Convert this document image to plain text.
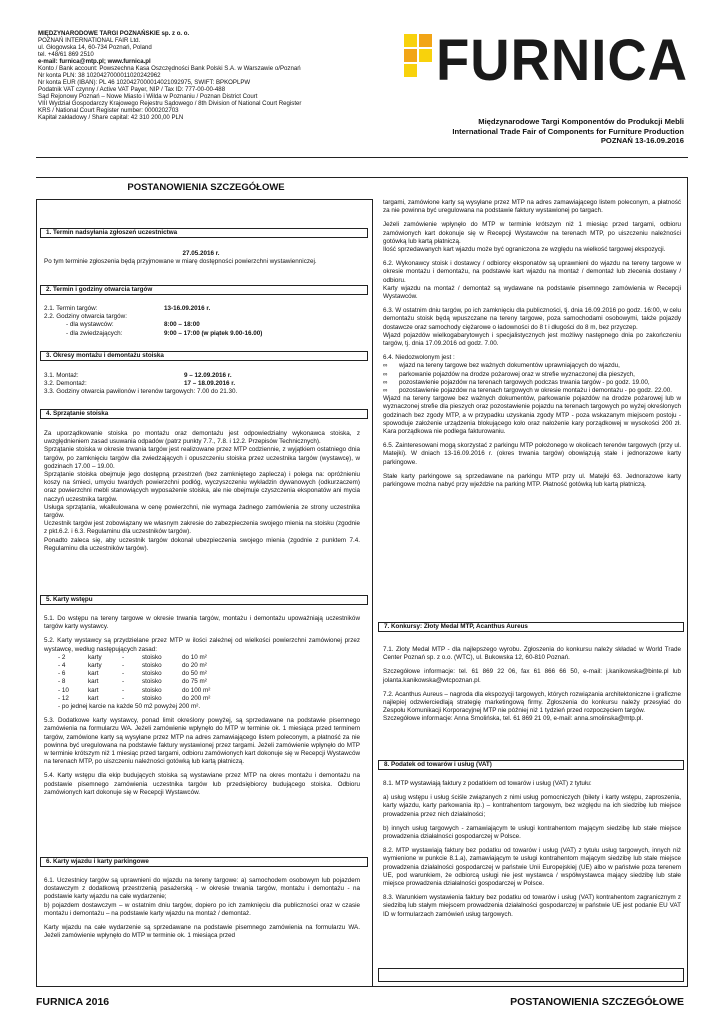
MIĘDZYNARODOWE TARGI POZNAŃSKIE sp. z o. o.
POZNAŃ INTERNATIONAL FAIR Ltd.
ul. Głogowska 14, 60-734 Poznań, Poland
tel. +48/61 869 2510
e-mail: furnica@mtp.pl; www.furnica.pl
Konto / Bank account: Powszechna Kasa Oszczędności Bank Polski S.A. w Warszawie o/Poznań
Nr konta PLN: 38 1020427000011020242962
Nr konta EUR (IBAN): PL 46 1020427000014021092975, SWIFT: BPKOPLPW
Podatnik VAT czynny / Active VAT Payer, NIP / Tax ID: 777-00-00-488
Sąd Rejonowy Poznań – Nowe Miasto i Wilda w Poznaniu / Poznan District Court
VIII Wydział Gospodarczy Krajowego Rejestru Sądowego / 8th Division of National Court Register
KRS / National Court Register number: 0000202703
Kapitał zakładowy / Share capital: 42 310 200,00 PLN
FURNICA
Międzynarodowe Targi Komponentów do Produkcji Mebli
International Trade Fair of Components for Furniture Production
POZNAŃ 13-16.09.2016
POSTANOWIENIA SZCZEGÓŁOWE
1. Termin nadsyłania zgłoszeń uczestnictwa
27.05.2016 r.

Po tym terminie zgłoszenia będą przyjmowane w miarę dostępności powierzchni wystawienniczej.

2. Termin i godziny otwarcia targów
2.1. Termin targów:	13-16.09.2016 r.
2.2. Godziny otwarcia targów:
- dla wystawców:	8:00 – 18:00
- dla zwiedzających:	9:00 – 17:00 (w piątek 9.00-16.00)
3. Okresy montażu i demontażu stoiska
3.1. Montaż:	9 – 12.09.2016 r.
3.2. Demontaż:	17 – 18.09.2016 r.
3.3. Godziny otwarcia pawilonów i terenów targowych: 7.00 do 21.30.
4. Sprzątanie stoiska

Za uporządkowanie stoiska po montażu oraz demontażu jest odpowiedzialny wykonawca stoiska, z uwzględnieniem zasad usuwania odpadów (patrz punkty 7.7., 7.8. i 12.2. Przepisów Technicznych).

Sprzątanie stoiska w okresie trwania targów jest realizowane przez MTP codziennie, z wyjątkiem ostatniego dnia targów, po zamknięciu targów dla zwiedzających i opuszczeniu stoiska przez uczestnika targów (wystawcę), w godzinach 17.00 – 19.00.

Sprzątanie stoiska obejmuje jego dostępną przestrzeń (bez zamkniętego zaplecza) i polega na: opróżnieniu koszy na śmieci, umyciu twardych powierzchni podłóg, wyczyszczeniu wykładzin dywanowych (odkurzaczem) oraz powierzchni mebli stanowiących wyposażenie stoiska, ale nie obejmuje czyszczenia eksponatów ani mycia naczyń uczestnika targów.

Usługa sprzątania, wkalkulowana w cenę powierzchni, nie wymaga żadnego zamówienia ze strony uczestnika targów.

Uczestnik targów jest zobowiązany we własnym zakresie do zabezpieczenia swojego mienia na stoisku (zgodnie z pkt.6.2. i 6.3. Regulaminu dla uczestników targów).

Ponadto zaleca się, aby uczestnik targów dokonał ubezpieczenia swojego mienia (zgodnie z punktem 7.4. Regulaminu dla uczestników targów).

5. Karty wstępu

5.1. Do wstępu na tereny targowe w okresie trwania targów, montażu i demontażu upoważniają uczestników targów karty wystawcy.

5.2. Karty wystawcy są przydzielane przez MTP w ilości zależnej od wielkości powierzchni zamówionej przez wystawcę, według następujących zasad:

- 2	karty	-	stoisko	do 10 m²
- 4	karty	-	stoisko	do 20 m²
- 6	kart	-	stoisko	do 50 m²
- 8	kart	-	stoisko	do 75 m²
- 10	kart	-	stoisko	do 100 m²
- 12	kart	-	stoisko	do 200 m²
- po jednej karcie na każde 50 m2 powyżej 200 m².

5.3. Dodatkowe karty wystawcy, ponad limit określony powyżej, są sprzedawane na podstawie pisemnego zamówienia na formularzu WA. Jeżeli zamówienie wpłynęło do MTP w terminie ok. 1 miesiąca przed terminem targów, zamówione karty są wysyłane przez MTP na adres zamawiającego listem poleconym, a płatność za nie powinna być uregulowana na podstawie faktury wystawionej przez targami. Jeżeli zamówienie wpłynęło do MTP w terminie krótszym niż 1 miesiąc przed targami, odbioru zamówionych kart dokonuje się w Recepcji Wystawców na terenach MTP, po uiszczeniu należności gotówką lub kartą płatniczą.

5.4. Karty wstępu dla ekip budujących stoiska są wystawiane przez MTP na okres montażu i demontażu na podstawie pisemnego zamówienia uczestnika targów lub przedsiębiorcy budującego stoiska. Odbioru zamówionych kart dokonuje się w Recepcji Wystawców.

6. Karty wjazdu i karty parkingowe

6.1. Uczestnicy targów są uprawnieni do wjazdu na tereny targowe: a) samochodem osobowym lub pojazdem dostawczym z dodatkową przestrzenią pasażerską - w okresie trwania targów, montażu i demontażu - na podstawie karty wjazdu na całe wydarzenie;

b) pojazdem dostawczym – w ostatnim dniu targów, dopiero po ich zamknięciu dla publiczności oraz w czasie montażu i demontażu – na podstawie karty wjazdu na montaż / demontaż.

Karty wjazdu na całe wydarzenie są sprzedawane na podstawie pisemnego zamówienia na formularzu WA. Jeżeli zamówienie wpłynęło do MTP w terminie ok. 1 miesiąca przed

targami, zamówione karty są wysyłane przez MTP na adres zamawiającego listem poleconym, a płatność za nie powinna być uregulowana na podstawie faktury wystawionej po targach.

Jeżeli zamówienie wpłynęło do MTP w terminie krótszym niż 1 miesiąc przed targami, odbioru zamówionych kart dokonuje się w Recepcji Wystawców na terenach MTP, po uiszczeniu należności gotówką lub kartą płatniczą.

Ilość sprzedawanych kart wjazdu może być ograniczona ze względu na wielkość targowej ekspozycji.

6.2. Wykonawcy stoisk i dostawcy / odbiorcy eksponatów są uprawnieni do wjazdu na tereny targowe w okresie montażu i demontażu, na podstawie kart wjazdu na montaż / demontaż lub zlecenia dostawy / odbioru.

Karty wjazdu na montaż / demontaż są wydawane na podstawie pisemnego zamówienia w Recepcji Wystawców.

6.3. W ostatnim dniu targów, po ich zamknięciu dla publiczności, tj. dnia 16.09.2016 po godz. 16:00, w celu demontażu stoisk będą wpuszczane na tereny targowe, poza samochodami osobowymi, także pojazdy dostawcze oraz samochody ciężarowe o ładowności do 8 t i długości do 8 m, bez przyczep.

Wjazd pojazdów wielkogabarytowych i specjalistycznych jest możliwy następnego dnia po zakończeniu targów, tj. dnia 17.09.2016 od godz. 7.00.

6.4. Niedozwolonym jest :
∞	wjazd na tereny targowe bez ważnych dokumentów uprawniających do wjazdu,
∞	parkowanie pojazdów na drodze pożarowej oraz w strefie wyznaczonej dla pieszych,
∞	pozostawienie pojazdów na terenach targowych podczas trwania targów - po godz. 19.00,
∞	pozostawienie pojazdów na terenach targowych w okresie montażu i demontażu - po godz. 22.00.

Wjazd na tereny targowe bez ważnych dokumentów, parkowanie pojazdów na drodze pożarowej lub w wyznaczonej strefie dla pieszych oraz pozostawienie pojazdu na terenach targowych po wyżej określonych godzinach bez zgody MTP, a w przypadku uzyskania zgody MTP - poza wskazanym miejscem postoju - spowoduje założenie urządzenia blokującego koło oraz nałożenie kary porządkowej w wysokości 200 zł. Kara porządkowa nie podlega fakturowaniu.

6.5. Zainteresowani mogą skorzystać z parkingu MTP położonego w okolicach terenów targowych (przy ul. Matejki). W dniach 13-16.09.2016 r. (okres trwania targów) obowiązują stałe i jednorazowe karty parkingowe.

Stałe karty parkingowe są sprzedawane na parkingu MTP przy ul. Matejki 63. Jednorazowe karty parkingowe można nabyć przy wjeździe na parking MTP. Płatność gotówką lub kartą płatniczą.

7. Konkursy: Złoty Medal MTP, Acanthus Aureus

7.1. Złoty Medal MTP - dla najlepszego wyrobu. Zgłoszenia do konkursu należy składać w World Trade Center Poznań sp. z o.o. (WTC), ul. Bukowska 12, 60-810 Poznań.

Szczegółowe informacje: tel. 61 869 22 06, fax 61 866 66 50, e-mail: j.kanikowska@binte.pl lub jolanta.kanikowska@wtcpoznan.pl.

7.2. Acanthus Aureus – nagroda dla ekspozycji targowych, których rozwiązania architektoniczne i graficzne najlepiej odzwierciedlają strategię marketingową firmy. Zgłoszenia do konkursu należy przesyłać do Zespołu Komunikacji Korporacyjnej MTP nie później niż 1 tydzień przed rozpoczęciem targów.

Szczegółowe informacje: Anna Smolińska, tel. 61 869 21 09, e-mail: anna.smolinska@mtp.pl.

8. Podatek od towarów i usług (VAT)

8.1. MTP wystawiają faktury z podatkiem od towarów i usług (VAT) z tytułu:

a) usług wstępu i usług ściśle związanych z nimi usług pomocniczych (bilety i karty wstępu, zaproszenia, karty wjazdu, karty parkowania itp.) – kontrahentom targowym, bez względu na ich siedzibę lub miejsce prowadzenia przez nich działalności;

b) innych usług targowych - zamawiającym te usługi kontrahentom mającym siedzibę lub stałe miejsce prowadzenia działalności gospodarczej w Polsce.

8.2. MTP wystawiają faktury bez podatku od towarów i usług (VAT) z tytułu usług targowych, innych niż wymienione w punkcie 8.1.a), zamawiającym te usługi kontrahentom mającym siedzibę lub stałe miejsce prowadzenia działalności gospodarczej w państwie Unii Europejskiej (UE) albo w państwie poza terenem UE, pod warunkiem, że odbiorcą usługi nie jest wystawca / współwystawca mający siedzibę lub stałe miejsce prowadzenia działalności gospodarczej w Polsce.

8.3. Warunkiem wystawienia faktury bez podatku od towarów i usług (VAT) kontrahentom zagranicznym z siedzibą lub stałym miejscem prowadzenia działalności gospodarczej w państwie UE jest podanie EU VAT ID w formularzach zamówień usług targowych.

FURNICA 2016	POSTANOWIENIA SZCZEGÓŁOWE
